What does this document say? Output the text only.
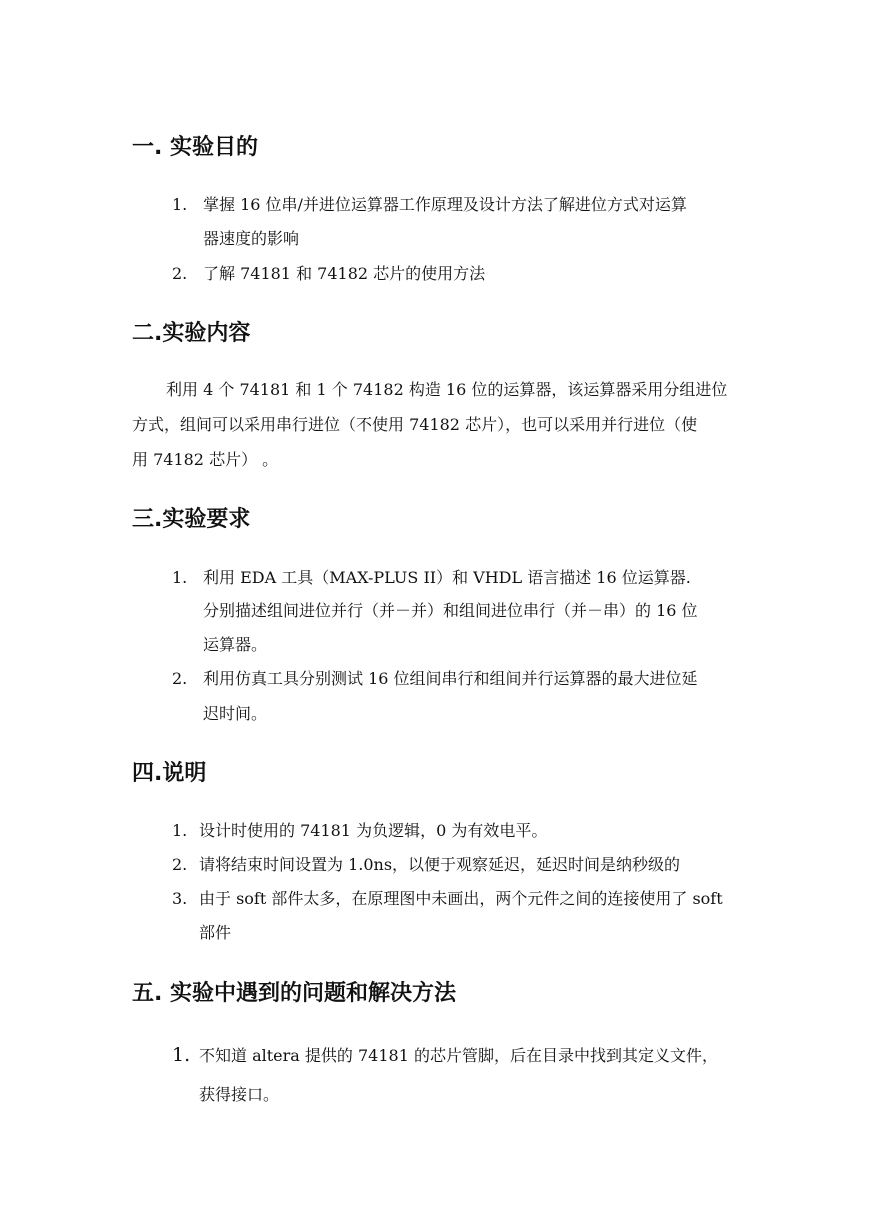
一. 实验目的
1. 掌握 16 位串/并进位运算器工作原理及设计方法了解进位方式对运算
器速度的影响
2. 了解 74181 和 74182 芯片的使用方法
二.实验内容
利用 4 个 74181 和 1 个 74182 构造 16 位的运算器，该运算器采用分组进位
方式，组间可以采用串行进位（不使用 74182 芯片），也可以采用并行进位（使
用 74182 芯片） 。
三.实验要求
1. 利用 EDA 工具（MAX-PLUS II）和 VHDL 语言描述 16 位运算器.
分别描述组间进位并行（并－并）和组间进位串行（并－串）的 16 位
运算器。
2. 利用仿真工具分别测试 16 位组间串行和组间并行运算器的最大进位延
迟时间。
四.说明
1. 设计时使用的 74181 为负逻辑，0 为有效电平。
2. 请将结束时间设置为 1.0ns，以便于观察延迟，延迟时间是纳秒级的
3. 由于 soft 部件太多，在原理图中未画出，两个元件之间的连接使用了 soft
部件
五. 实验中遇到的问题和解决方法
1. 不知道 altera 提供的 74181 的芯片管脚，后在目录中找到其定义文件，
获得接口。
